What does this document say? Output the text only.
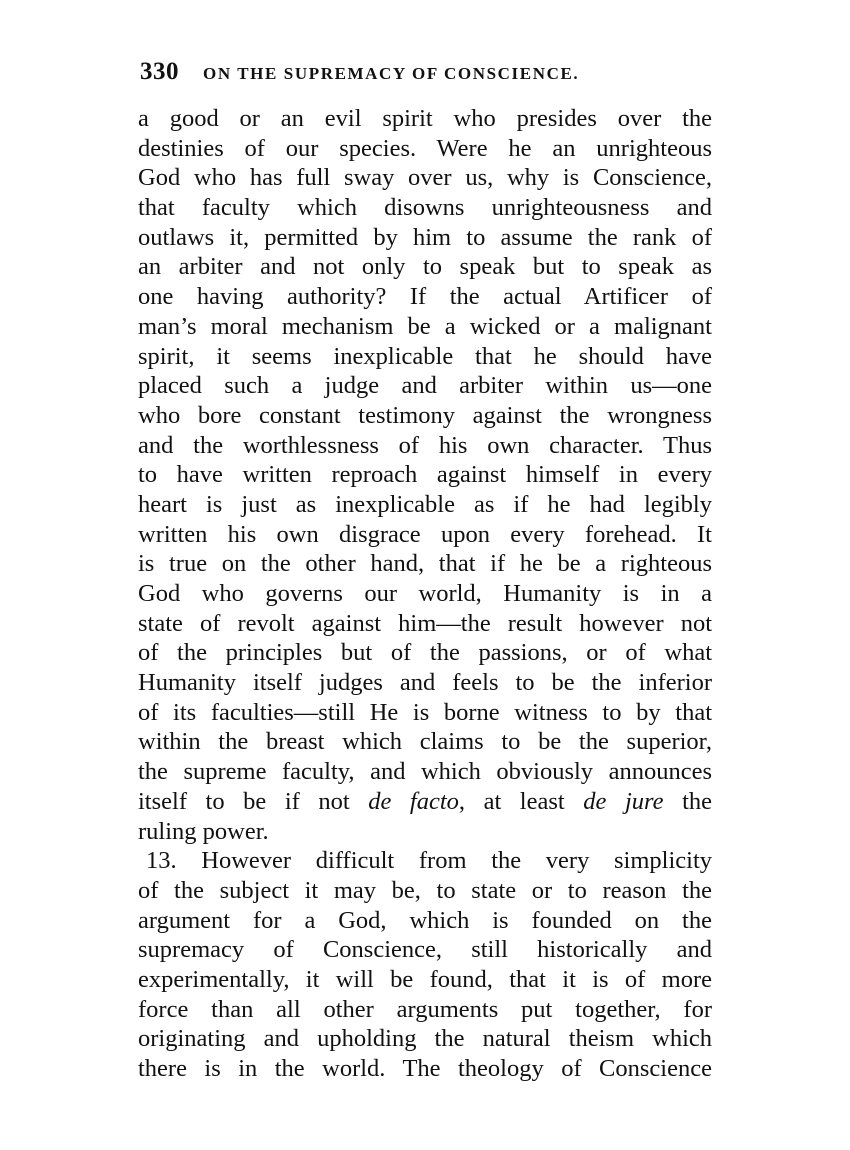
330 ON THE SUPREMACY OF CONSCIENCE.
a good or an evil spirit who presides over the
destinies of our species. Were he an unrighteous
God who has full sway over us, why is Conscience,
that faculty which disowns unrighteousness and
outlaws it, permitted by him to assume the rank of
an arbiter and not only to speak but to speak as
one having authority? If the actual Artificer of
man’s moral mechanism be a wicked or a malignant
spirit, it seems inexplicable that he should have
placed such a judge and arbiter within us—one
who bore constant testimony against the wrongness
and the worthlessness of his own character. Thus
to have written reproach against himself in every
heart is just as inexplicable as if he had legibly
written his own disgrace upon every forehead. It
is true on the other hand, that if he be a righteous
God who governs our world, Humanity is in a
state of revolt against him—the result however not
of the principles but of the passions, or of what
Humanity itself judges and feels to be the inferior
of its faculties—still He is borne witness to by that
within the breast which claims to be the superior,
the supreme faculty, and which obviously announces
itself to be if not de facto, at least de jure the
ruling power.
13. However difficult from the very simplicity
of the subject it may be, to state or to reason the
argument for a God, which is founded on the
supremacy of Conscience, still historically and
experimentally, it will be found, that it is of more
force than all other arguments put together, for
originating and upholding the natural theism which
there is in the world. The theology of Conscience
